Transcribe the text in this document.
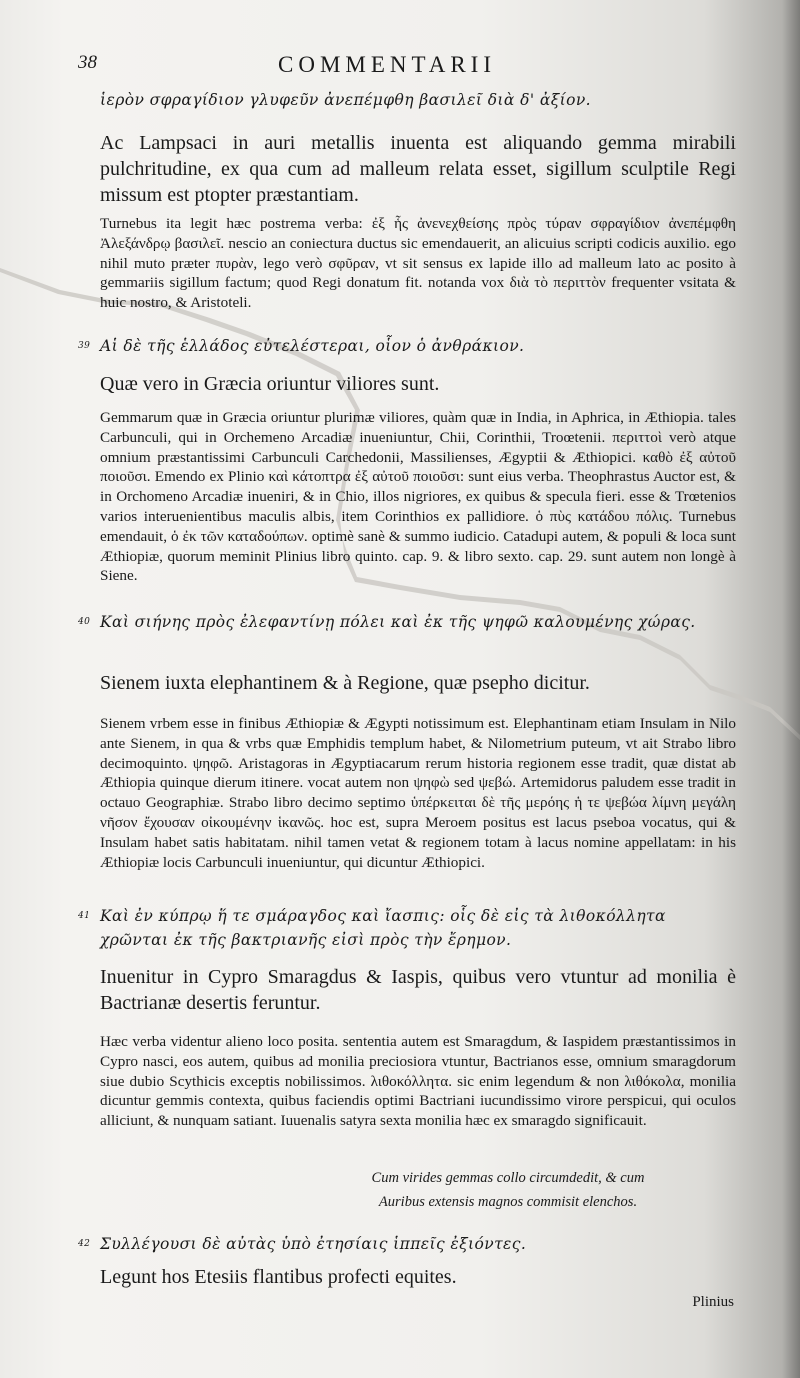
38	COMMENTARII
ἱερὸν σφραγίδιον γλυφεῦν ἀνεπέμφθη βασιλεῖ διὰ δ' ἀξίον.
Ac Lampsaci in auri metallis inuenta est aliquando gemma mirabili pulchritudine, ex qua cum ad malleum relata esset, sigillum sculptile Regi missum est ptopter præstantiam.
Turnebus ita legit hæc postrema verba: ἐξ ἧς ἀνενεχθείσης πρὸς τύραν σφραγίδιον ἀνεπέμφθη Ἀλεξάνδρῳ βασιλεῖ. nescio an coniectura ductus sic emendauerit, an alicuius scripti codicis auxilio. ego nihil muto præter πυρὰν, lego verò σφῦραν, vt sit sensus ex lapide illo ad malleum lato ac posito à gemmariis sigillum factum; quod Regi donatum fit. notanda vox διὰ τὸ περιττὸν frequenter vsitata & huic nostro, & Aristoteli.
39 Αἱ δὲ τῆς ἑλλάδος εὐτελέστεραι, οἷον ὁ ἀνθράκιον.
Quæ vero in Græcia oriuntur viliores sunt.
Gemmarum quæ in Græcia oriuntur plurimæ viliores, quàm quæ in India, in Aphrica, in Æthiopia. tales Carbunculi, qui in Orchemeno Arcadiæ inueniuntur, Chii, Corinthii, Troœtenii. περιττοὶ verò atque omnium præstantissimi Carbunculi Carchedonii, Massilienses, Ægyptii & Æthiopici. καθὸ ἐξ αὐτοῦ ποιοῦσι. Emendo ex Plinio καὶ κάτοπτρα ἐξ αὐτοῦ ποιοῦσι: sunt eius verba. Theophrastus Auctor est, & in Orchomeno Arcadiæ inueniri, & in Chio, illos nigriores, ex quibus & specula fieri. esse & Trœtenios varios interuenientibus maculis albis, item Corinthios ex pallidiore. ⁠ὁ πὺς κατάδου πόλις. Turnebus emendauit, ὁ ἐκ τῶν καταδούπων. optimè sanè & summo iudicio. Catadupi autem, & populi & loca sunt Æthiopiæ, quorum meminit Plinius libro quinto. cap. 9. & libro sexto. cap. 29. sunt autem non longè à Siene.
40 Καὶ σιήνης πρὸς ἐλεφαντίνῃ πόλει καὶ ἐκ τῆς ψηφῶ καλουμένης χώρας.
Sienem iuxta elephantinem & à Regione, quæ psepho dicitur.
Sienem vrbem esse in finibus Æthiopiæ & Ægypti notissimum est. Elephantinam etiam Insulam in Nilo ante Sienem, in qua & vrbs quæ Emphidis templum habet, & Nilometrium puteum, vt ait Strabo libro decimoquinto. ψηφῶ. Aristagoras in Ægyptiacarum rerum historia regionem esse tradit, quæ distat ab Æthiopia quinque dierum itinere. vocat autem non ψηφὼ sed ψεβώ. Artemidorus paludem esse tradit in octauo Geographiæ. Strabo libro decimo septimo ὑπέρκειται δὲ τῆς μερόης ἡ τε ψεβώα λίμνη μεγάλη νῆσον ἔχουσαν οἰκουμένην ἱκανῶς. hoc est, supra Meroem positus est lacus pseboa vocatus, qui & Insulam habet satis habitatam. nihil tamen vetat & regionem totam à lacus nomine appellatam: in his Æthiopiæ locis Carbunculi inueniuntur, qui dicuntur Æthiopici.
41 Καὶ ἐν κύπρῳ ἥ τε σμάραγδος καὶ ἴασπις: οἷς δὲ εἰς τὰ λιθοκόλλητα χρῶνται ἐκ τῆς βακτριανῆς εἰσὶ πρὸς τὴν ἔρημον.
Inuenitur in Cypro Smaragdus & Iaspis, quibus vero vtuntur ad monilia è Bactrianæ desertis feruntur.
Hæc verba videntur alieno loco posita. sententia autem est Smaragdum, & Iaspidem præstantissimos in Cypro nasci, eos autem, quibus ad monilia preciosiora vtuntur, Bactrianos esse, omnium smaragdorum siue dubio Scythicis exceptis nobilissimos. λιθοκόλλητα. sic enim legendum & non λιθόκολα, monilia dicuntur gemmis contexta, quibus faciendis optimi Bactriani iucundissimo virore perspicui, qui oculos alliciunt, & nunquam satiant. Iuuenalis satyra sexta monilia hæc ex smaragdo significauit.
Cum virides gemmas collo circumdedit, & cum
Auribus extensis magnos commisit elenchos.
42 Συλλέγουσι δὲ αὐτὰς ὑπὸ ἐτησίαις ἱππεῖς ἐξιόντες.
Legunt hos Etesiis flantibus profecti equites.
Plinius
